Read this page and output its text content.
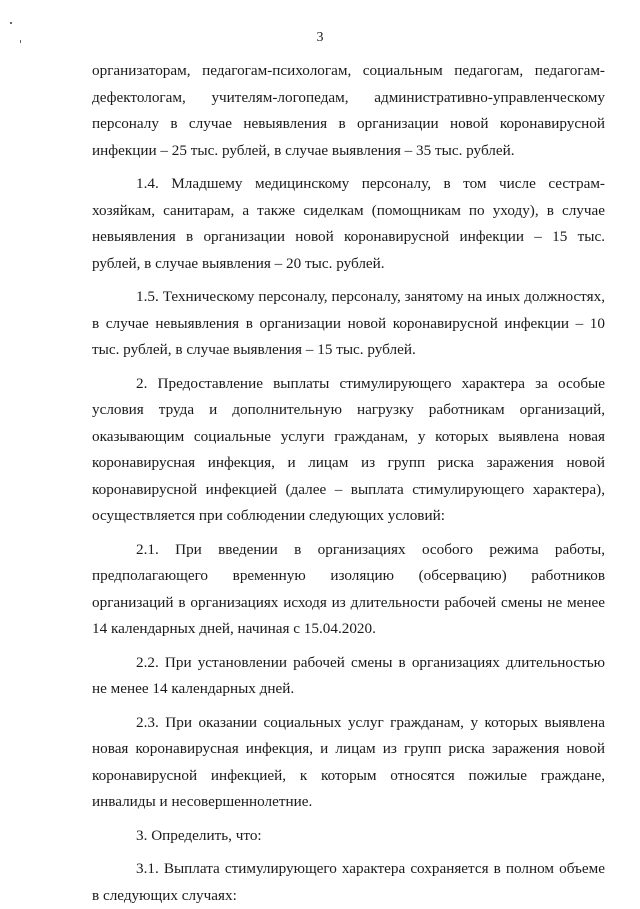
3

организаторам, педагогам-психологам, социальным педагогам, педагогам-дефектологам, учителям-логопедам, административно-управленческому персоналу в случае невыявления в организации новой коронавирусной инфекции – 25 тыс. рублей, в случае выявления – 35 тыс. рублей.

1.4. Младшему медицинскому персоналу, в том числе сестрам-хозяйкам, санитарам, а также сиделкам (помощникам по уходу), в случае невыявления в организации новой коронавирусной инфекции – 15 тыс. рублей, в случае выявления – 20 тыс. рублей.

1.5. Техническому персоналу, персоналу, занятому на иных должностях, в случае невыявления в организации новой коронавирусной инфекции – 10 тыс. рублей, в случае выявления – 15 тыс. рублей.

2. Предоставление выплаты стимулирующего характера за особые условия труда и дополнительную нагрузку работникам организаций, оказывающим социальные услуги гражданам, у которых выявлена новая коронавирусная инфекция, и лицам из групп риска заражения новой коронавирусной инфекцией (далее – выплата стимулирующего характера), осуществляется при соблюдении следующих условий:

2.1. При введении в организациях особого режима работы, предполагающего временную изоляцию (обсервацию) работников организаций в организациях исходя из длительности рабочей смены не менее 14 календарных дней, начиная с 15.04.2020.

2.2. При установлении рабочей смены в организациях длительностью не менее 14 календарных дней.

2.3. При оказании социальных услуг гражданам, у которых выявлена новая коронавирусная инфекция, и лицам из групп риска заражения новой коронавирусной инфекцией, к которым относятся пожилые граждане, инвалиды и несовершеннолетние.

3. Определить, что:

3.1. Выплата стимулирующего характера сохраняется в полном объеме в следующих случаях:
